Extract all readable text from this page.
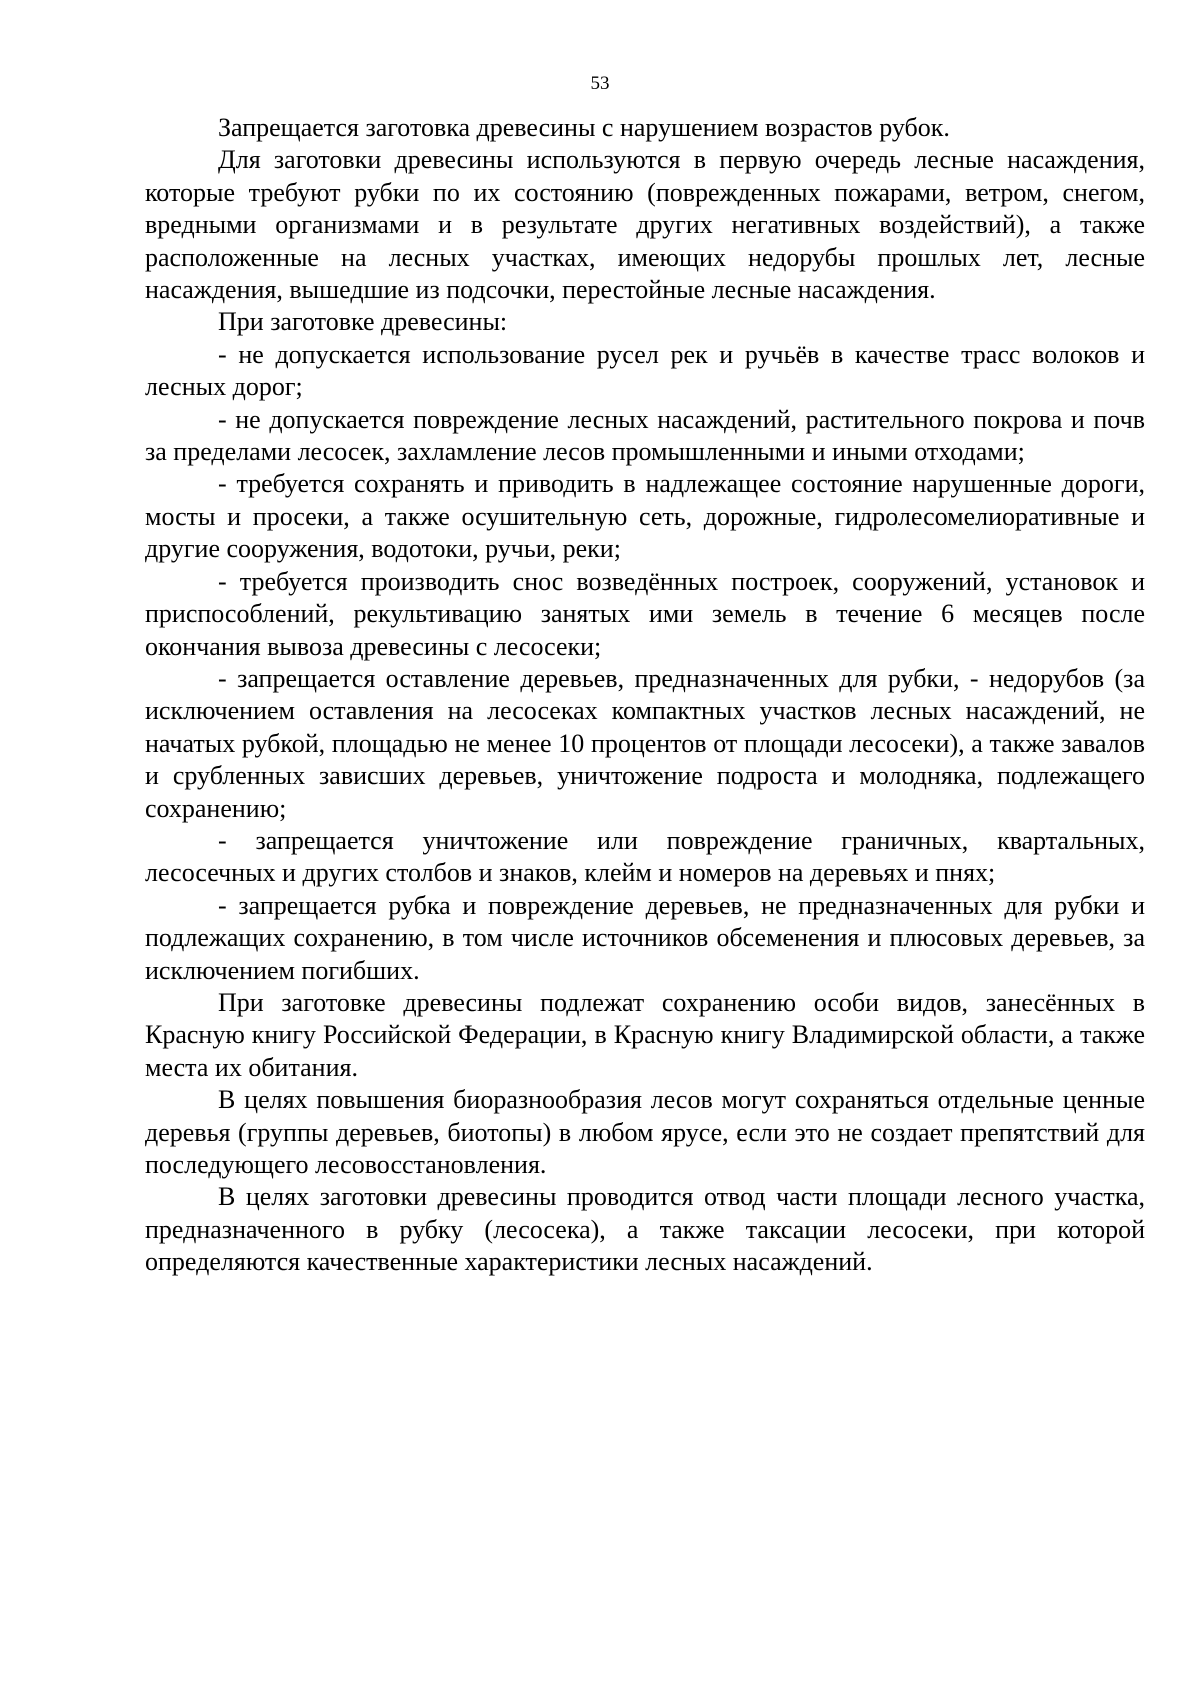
53

Запрещается заготовка древесины с нарушением возрастов рубок.

Для заготовки древесины используются в первую очередь лесные насаждения, которые требуют рубки по их состоянию (поврежденных пожарами, ветром, снегом, вредными организмами и в результате других негативных воздействий), а также расположенные на лесных участках, имеющих недорубы прошлых лет, лесные насаждения, вышедшие из подсочки, перестойные лесные насаждения.

При заготовке древесины:

- не допускается использование русел рек и ручьёв в качестве трасс волоков и лесных дорог;

- не допускается повреждение лесных насаждений, растительного покрова и почв за пределами лесосек, захламление лесов промышленными и иными отходами;

- требуется сохранять и приводить в надлежащее состояние нарушенные дороги, мосты и просеки, а также осушительную сеть, дорожные, гидролесомелиоративные и другие сооружения, водотоки, ручьи, реки;

- требуется производить снос возведённых построек, сооружений, установок и приспособлений, рекультивацию занятых ими земель в течение 6 месяцев после окончания вывоза древесины с лесосеки;

- запрещается оставление деревьев, предназначенных для рубки, - недорубов (за исключением оставления на лесосеках компактных участков лесных насаждений, не начатых рубкой, площадью не менее 10 процентов от площади лесосеки), а также завалов и срубленных зависших деревьев, уничтожение подроста и молодняка, подлежащего сохранению;

- запрещается уничтожение или повреждение граничных, квартальных, лесосечных и других столбов и знаков, клейм и номеров на деревьях и пнях;

- запрещается рубка и повреждение деревьев, не предназначенных для рубки и подлежащих сохранению, в том числе источников обсеменения и плюсовых деревьев, за исключением погибших.

При заготовке древесины подлежат сохранению особи видов, занесённых в Красную книгу Российской Федерации, в Красную книгу Владимирской области, а также места их обитания.

В целях повышения биоразнообразия лесов могут сохраняться отдельные ценные деревья (группы деревьев, биотопы) в любом ярусе, если это не создает препятствий для последующего лесовосстановления.

В целях заготовки древесины проводится отвод части площади лесного участка, предназначенного в рубку (лесосека), а также таксации лесосеки, при которой определяются качественные характеристики лесных насаждений.
